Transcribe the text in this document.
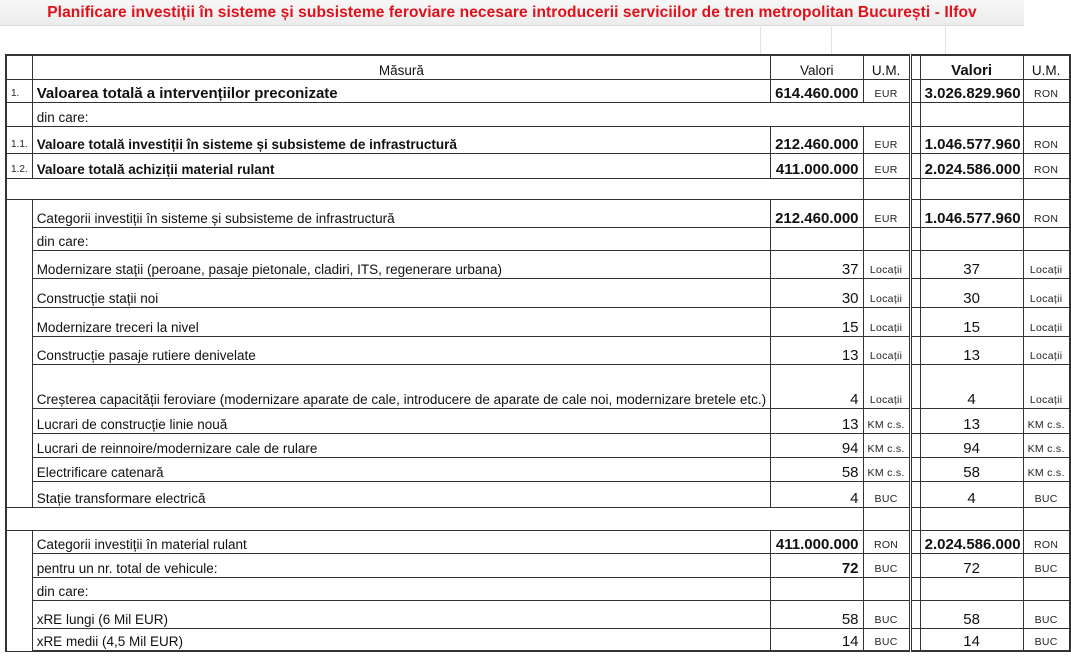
Planificare investiții în sisteme și subsisteme feroviare necesare introducerii serviciilor de tren metropolitan București - Ilfov
	Măsură	Valori	U.M.		Valori	U.M.
1.	Valoarea totală a intervențiilor preconizate	614.460.000	EUR		3.026.829.960	RON
	din care:					
1.1.	Valoare totală investiții în sisteme și subsisteme de infrastructură	212.460.000	EUR		1.046.577.960	RON
1.2.	Valoare totală achiziții material rulant	411.000.000	EUR		2.024.586.000	RON

	Categorii investiții în sisteme și subsisteme de infrastructură	212.460.000	EUR		1.046.577.960	RON
	din care:					
	Modernizare stații (peroane, pasaje pietonale, cladiri, ITS, regenerare urbana)	37	Locații		37	Locații
	Construcție stații noi	30	Locații		30	Locații
	Modernizare treceri la nivel	15	Locații		15	Locații
	Construcție pasaje rutiere denivelate	13	Locații		13	Locații
	Creșterea capacității feroviare (modernizare aparate de cale, introducere de aparate de cale noi, modernizare bretele etc.)	4	Locații		4	Locații
	Lucrari de construcție linie nouă	13	KM c.s.		13	KM c.s.
	Lucrari de reinnoire/modernizare cale de rulare	94	KM c.s.		94	KM c.s.
	Electrificare catenară	58	KM c.s.		58	KM c.s.
	Stație transformare electrică	4	BUC		4	BUC

	Categorii investiții în material rulant	411.000.000	RON		2.024.586.000	RON
	pentru un nr. total de vehicule:	72	BUC		72	BUC
	din care:					
	xRE lungi (6 Mil EUR)	58	BUC		58	BUC
	xRE medii (4,5 Mil EUR)	14	BUC		14	BUC
